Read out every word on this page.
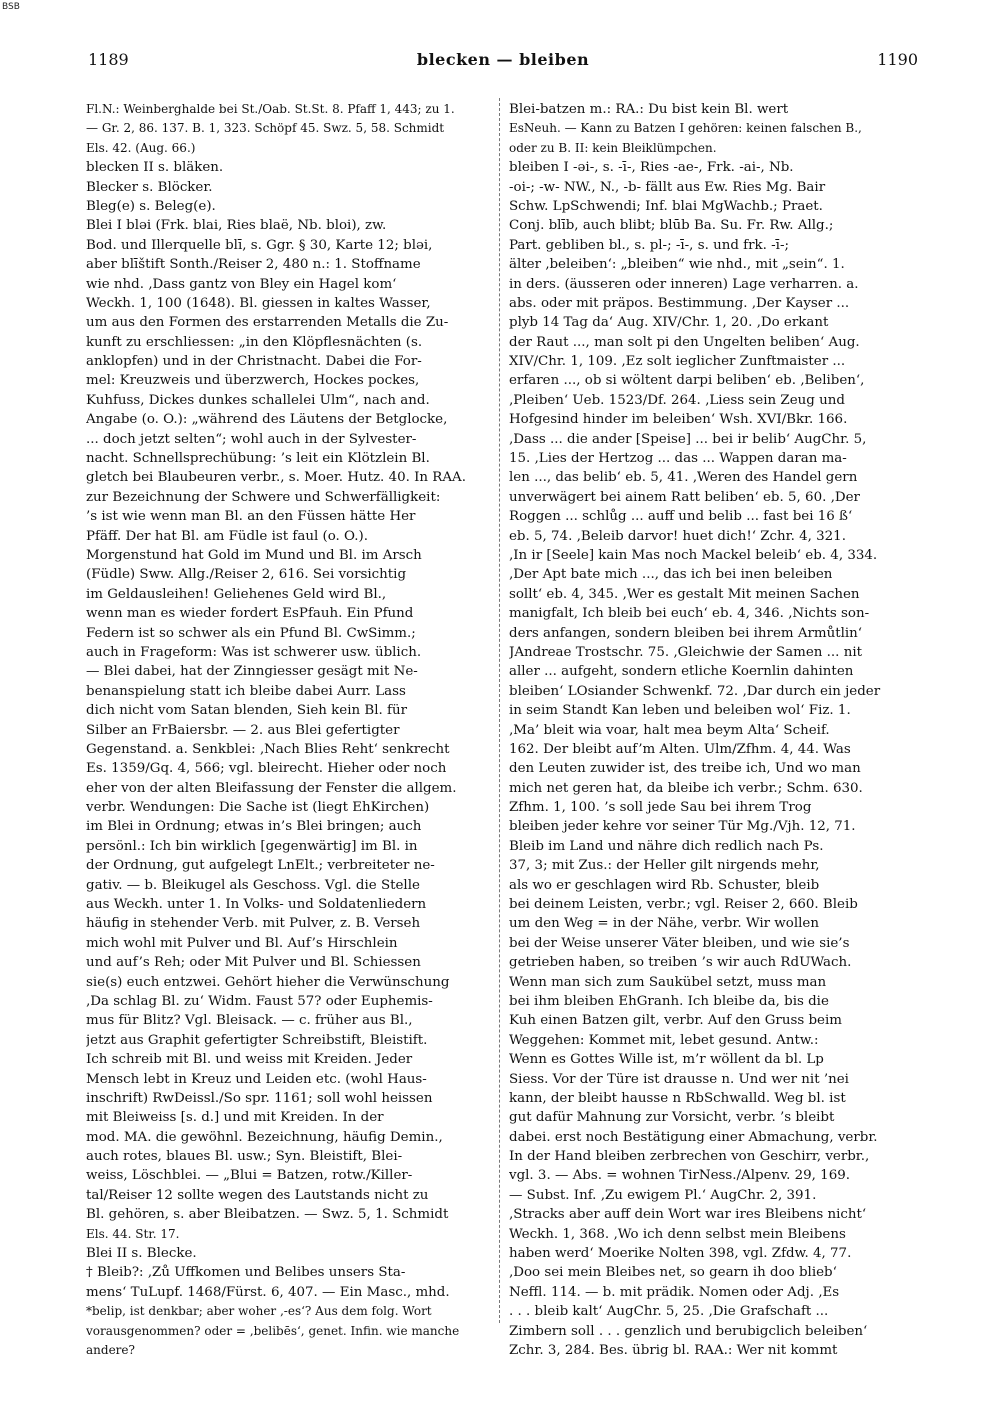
BSB
1189	blecken — bleiben	1190
Fl.N.: Weinberghalde bei St./Oab. St.St. 8. Pfaff 1, 443; zu 1.
— Gr. 2, 86. 137. B. 1, 323. Schöpf 45. Swz. 5, 58. Schmidt
Els. 42. (Aug. 66.)
blecken II s. bläken.
Blecker s. Blöcker.
Bleg(e) s. Beleg(e).
Blei I bləi (Frk. blai, Ries blaë, Nb. bloi), zw.
Bod. und Illerquelle blī, s. Ggr. § 30, Karte 12; bləi,
aber blīštift Sonth./Reiser 2, 480 n.: 1. Stoffname
wie nhd. ‚Dass gantz von Bley ein Hagel kom‘
Weckh. 1, 100 (1648). Bl. giessen in kaltes Wasser,
um aus den Formen des erstarrenden Metalls die Zu-
kunft zu erschliessen: „in den Klöpflesnächten (s.
anklopfen) und in der Christnacht. Dabei die For-
mel: Kreuzweis und überzwerch, Hockes pockes,
Kuhfuss, Dickes dunkes schallelei Ulm“, nach and.
Angabe (o. O.): „während des Läutens der Betglocke,
... doch jetzt selten“; wohl auch in der Sylvester-
nacht. Schnellsprechübung: ’s leit ein Klötzlein Bl.
gletch bei Blaubeuren verbr., s. Moer. Hutz. 40. In RAA.
zur Bezeichnung der Schwere und Schwerfälligkeit:
’s ist wie wenn man Bl. an den Füssen hätte Her
Pfäff. Der hat Bl. am Füdle ist faul (o. O.).
Morgenstund hat Gold im Mund und Bl. im Arsch
(Füdle) Sww. Allg./Reiser 2, 616. Sei vorsichtig
im Geldausleihen! Geliehenes Geld wird Bl.,
wenn man es wieder fordert EsPfauh. Ein Pfund
Federn ist so schwer als ein Pfund Bl. CwSimm.;
auch in Frageform: Was ist schwerer usw. üblich.
— Blei dabei, hat der Zinngiesser gesägt mit Ne-
benanspielung statt ich bleibe dabei Aurr. Lass
dich nicht vom Satan blenden, Sieh kein Bl. für
Silber an FrBaiersbr. — 2. aus Blei gefertigter
Gegenstand. a. Senkblei: ‚Nach Blies Reht‘ senkrecht
Es. 1359/Gq. 4, 566; vgl. bleirecht. Hieher oder noch
eher von der alten Bleifassung der Fenster die allgem.
verbr. Wendungen: Die Sache ist (liegt EhKirchen)
im Blei in Ordnung; etwas in’s Blei bringen; auch
persönl.: Ich bin wirklich [gegenwärtig] im Bl. in
der Ordnung, gut aufgelegt LnElt.; verbreiteter ne-
gativ. — b. Bleikugel als Geschoss. Vgl. die Stelle
aus Weckh. unter 1. In Volks- und Soldatenliedern
häufig in stehender Verb. mit Pulver, z. B. Verseh
mich wohl mit Pulver und Bl. Auf’s Hirschlein
und auf’s Reh; oder Mit Pulver und Bl. Schiessen
sie(s) euch entzwei. Gehört hieher die Verwünschung
‚Da schlag Bl. zu‘ Widm. Faust 57? oder Euphemis-
mus für Blitz? Vgl. Bleisack. — c. früher aus Bl.,
jetzt aus Graphit gefertigter Schreibstift, Bleistift.
Ich schreib mit Bl. und weiss mit Kreiden. Jeder
Mensch lebt in Kreuz und Leiden etc. (wohl Haus-
inschrift) RwDeissl./So spr. 1161; soll wohl heissen
mit Bleiweiss [s. d.] und mit Kreiden. In der
mod. MA. die gewöhnl. Bezeichnung, häufig Demin.,
auch rotes, blaues Bl. usw.; Syn. Bleistift, Blei-
weiss, Löschblei. — „Blui = Batzen, rotw./Killer-
tal/Reiser 12 sollte wegen des Lautstands nicht zu
Bl. gehören, s. aber Bleibatzen. — Swz. 5, 1. Schmidt
Els. 44. Str. 17.
Blei II s. Blecke.
† Bleib?: ‚Zů Uffkomen und Belibes unsers Sta-
mens‘ TuLupf. 1468/Fürst. 6, 407. — Ein Masc., mhd.
*belip, ist denkbar; aber woher ‚-es‘? Aus dem folg. Wort
vorausgenommen? oder = ‚belibēs‘, genet. Infin. wie manche
andere?
Blei-batzen m.: RA.: Du bist kein Bl. wert
EsNeuh. — Kann zu Batzen I gehören: keinen falschen B.,
oder zu B. II: kein Bleiklümpchen.
bleiben I -əi-, s. -ī-, Ries -ae-, Frk. -ai-, Nb.
-oi-; -w- NW., N., -b- fällt aus Ew. Ries Mg. Bair
Schw. LpSchwendi; Inf. blai MgWachb.; Praet.
Conj. blīb, auch blibt; blūb Ba. Su. Fr. Rw. Allg.;
Part. gebliben bl., s. pl-; -ī-, s. und frk. -ī-;
älter ‚beleiben‘: „bleiben“ wie nhd., mit „sein“. 1.
in ders. (äusseren oder inneren) Lage verharren. a.
abs. oder mit präpos. Bestimmung. ‚Der Kayser ...
plyb 14 Tag da‘ Aug. XIV/Chr. 1, 20. ‚Do erkant
der Raut ..., man solt pi den Ungelten beliben‘ Aug.
XIV/Chr. 1, 109. ‚Ez solt ieglicher Zunftmaister ...
erfaren ..., ob si wöltent darpi beliben‘ eb. ‚Beliben‘,
‚Pleiben‘ Ueb. 1523/Df. 264. ‚Liess sein Zeug und
Hofgesind hinder im beleiben‘ Wsh. XVI/Bkr. 166.
‚Dass ... die ander [Speise] ... bei ir belib‘ AugChr. 5,
15. ‚Lies der Hertzog ... das ... Wappen daran ma-
len ..., das belib‘ eb. 5, 41. ‚Weren des Handel gern
unverwägert bei ainem Ratt beliben‘ eb. 5, 60. ‚Der
Roggen ... schlůg ... auff und belib ... fast bei 16 ß‘
eb. 5, 74. ‚Beleib darvor! huet dich!‘ Zchr. 4, 321.
‚In ir [Seele] kain Mas noch Mackel beleib‘ eb. 4, 334.
‚Der Apt bate mich ..., das ich bei inen beleiben
sollt‘ eb. 4, 345. ‚Wer es gestalt Mit meinen Sachen
manigfalt, Ich bleib bei euch‘ eb. 4, 346. ‚Nichts son-
ders anfangen, sondern bleiben bei ihrem Armůtlin‘
JAndreae Trostschr. 75. ‚Gleichwie der Samen ... nit
aller ... aufgeht, sondern etliche Koernlin dahinten
bleiben‘ LOsiander Schwenkf. 72. ‚Dar durch ein jeder
in seim Standt Kan leben und beleiben wol‘ Fiz. 1.
‚Ma’ bleit wia voar, halt mea beym Alta‘ Scheif.
162. Der bleibt auf’m Alten. Ulm/Zfhm. 4, 44. Was
den Leuten zuwider ist, des treibe ich, Und wo man
mich net geren hat, da bleibe ich verbr.; Schm. 630.
Zfhm. 1, 100. ’s soll jede Sau bei ihrem Trog
bleiben jeder kehre vor seiner Tür Mg./Vjh. 12, 71.
Bleib im Land und nähre dich redlich nach Ps.
37, 3; mit Zus.: der Heller gilt nirgends mehr,
als wo er geschlagen wird Rb. Schuster, bleib
bei deinem Leisten, verbr.; vgl. Reiser 2, 660. Bleib
um den Weg = in der Nähe, verbr. Wir wollen
bei der Weise unserer Väter bleiben, und wie sie’s
getrieben haben, so treiben ’s wir auch RdUWach.
Wenn man sich zum Saukübel setzt, muss man
bei ihm bleiben EhGranh. Ich bleibe da, bis die
Kuh einen Batzen gilt, verbr. Auf den Gruss beim
Weggehen: Kommet mit, lebet gesund. Antw.:
Wenn es Gottes Wille ist, m’r wöllent da bl. Lp
Siess. Vor der Türe ist drausse n. Und wer nit ’nei
kann, der bleibt hausse n RbSchwalld. Weg bl. ist
gut dafür Mahnung zur Vorsicht, verbr. ’s bleibt
dabei. erst noch Bestätigung einer Abmachung, verbr.
In der Hand bleiben zerbrechen von Geschirr, verbr.,
vgl. 3. — Abs. = wohnen TirNess./Alpenv. 29, 169.
— Subst. Inf. ‚Zu ewigem Pl.‘ AugChr. 2, 391.
‚Stracks aber auff dein Wort war ires Bleibens nicht‘
Weckh. 1, 368. ‚Wo ich denn selbst mein Bleibens
haben werd‘ Moerike Nolten 398, vgl. Zfdw. 4, 77.
‚Doo sei mein Bleibes net, so gearn ih doo blieb‘
Neffl. 114. — b. mit prädik. Nomen oder Adj. ‚Es
. . . bleib kalt‘ AugChr. 5, 25. ‚Die Grafschaft ...
Zimbern soll . . . genzlich und berubigclich beleiben‘
Zchr. 3, 284. Bes. übrig bl. RAA.: Wer nit kommt
